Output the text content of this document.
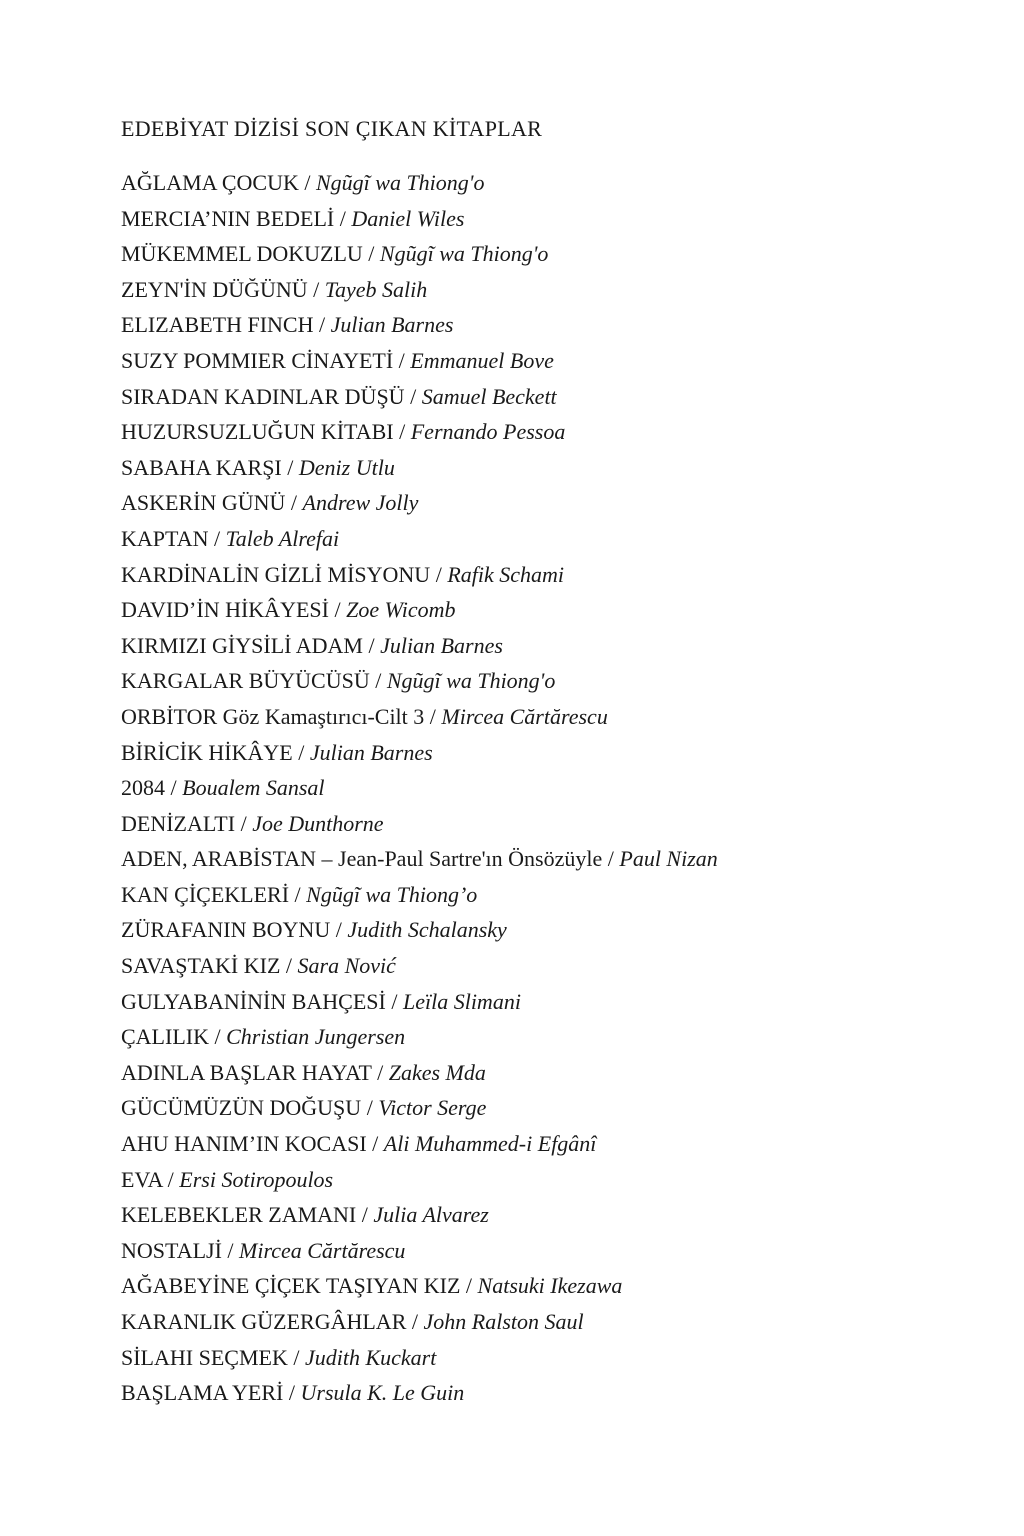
EDEBİYAT DİZİSİ SON ÇIKAN KİTAPLAR
AĞLAMA ÇOCUK / Ngũgĩ wa Thiong'o
MERCIA’NIN BEDELİ / Daniel Wiles
MÜKEMMEL DOKUZLU / Ngũgĩ wa Thiong'o
ZEYN'İN DÜĞÜNÜ / Tayeb Salih
ELIZABETH FINCH / Julian Barnes
SUZY POMMIER CİNAYETİ / Emmanuel Bove
SIRADAN KADINLAR DÜŞÜ / Samuel Beckett
HUZURSUZLUĞUN KİTABI / Fernando Pessoa
SABAHA KARŞI / Deniz Utlu
ASKERİN GÜNÜ / Andrew Jolly
KAPTAN / Taleb Alrefai
KARDİNALİN GİZLİ MİSYONU / Rafik Schami
DAVID’İN HİKÂYESİ / Zoe Wicomb
KIRMIZI GİYSİLİ ADAM / Julian Barnes
KARGALAR BÜYÜCÜSÜ / Ngũgĩ wa Thiong'o
ORBİTOR Göz Kamaştırıcı-Cilt 3 / Mircea Cărtărescu
BİRİCİK HİKÂYE / Julian Barnes
2084 / Boualem Sansal
DENİZALTI / Joe Dunthorne
ADEN, ARABİSTAN – Jean-Paul Sartre'ın Önsözüyle / Paul Nizan
KAN ÇİÇEKLERİ / Ngũgĩ wa Thiong’o
ZÜRAFANIN BOYNU / Judith Schalansky
SAVAŞTAKİ KIZ / Sara Nović
GULYABANİNİN BAHÇESİ / Leïla Slimani
ÇALILIK / Christian Jungersen
ADINLA BAŞLAR HAYAT / Zakes Mda
GÜCÜMÜZÜN DOĞUŞU / Victor Serge
AHU HANIM’IN KOCASI / Ali Muhammed-i Efgânî
EVA / Ersi Sotiropoulos
KELEBEKLER ZAMANI / Julia Alvarez
NOSTALJİ / Mircea Cărtărescu
AĞABEYİNE ÇİÇEK TAŞIYAN KIZ / Natsuki Ikezawa
KARANLIK GÜZERGÂHLAR / John Ralston Saul
SİLAHI SEÇMEK / Judith Kuckart
BAŞLAMA YERİ / Ursula K. Le Guin
